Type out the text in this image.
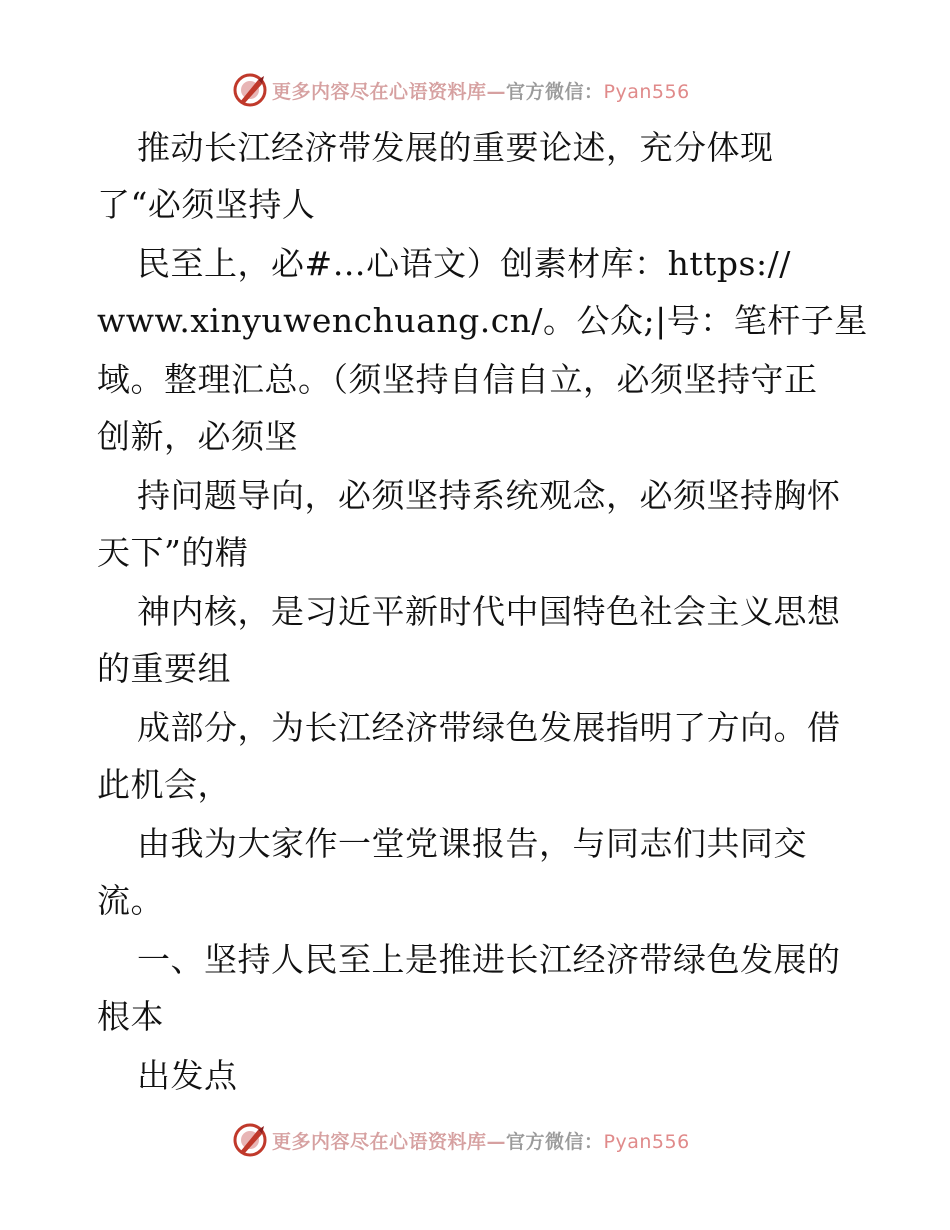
更多内容尽在心语资料库—官方微信：Pyan556
推动长江经济带发展的重要论述，充分体现
了“必须坚持人
民至上，必#…心语文）创素材库：https://
www.xinyuwenchuang.cn/。公众;|号：笔杆子星
域。整理汇总。（须坚持自信自立，必须坚持守正
创新，必须坚
持问题导向，必须坚持系统观念，必须坚持胸怀
天下”的精
神内核，是习近平新时代中国特色社会主义思想
的重要组
成部分，为长江经济带绿色发展指明了方向。借
此机会，
由我为大家作一堂党课报告，与同志们共同交
流。
一、坚持人民至上是推进长江经济带绿色发展的
根本
出发点
更多内容尽在心语资料库—官方微信：Pyan556
